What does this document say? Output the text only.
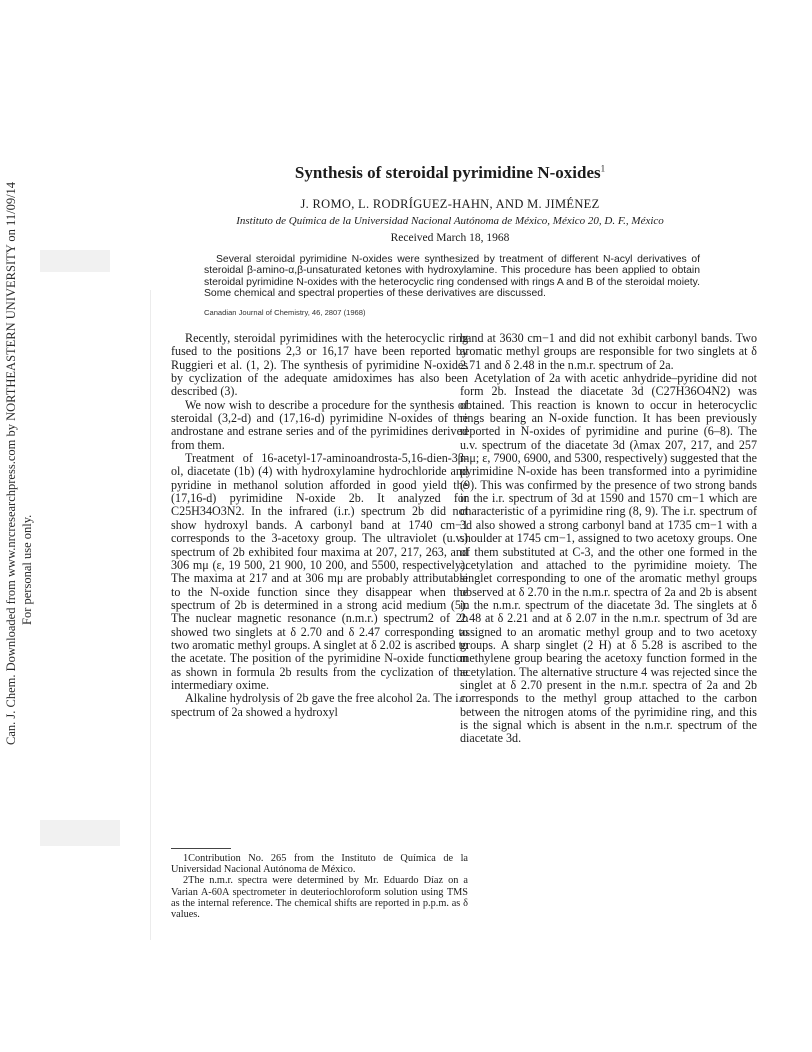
Can. J. Chem. Downloaded from www.nrcresearchpress.com by NORTHEASTERN UNIVERSITY on 11/09/14 For personal use only.
Synthesis of steroidal pyrimidine N-oxides$^1$
J. ROMO, L. RODRÍGUEZ-HAHN, AND M. JIMÉNEZ
Instituto de Química de la Universidad Nacional Autónoma de México, México 20, D. F., México
Received March 18, 1968
Several steroidal pyrimidine N-oxides were synthesized by treatment of different N-acyl derivatives of steroidal β-amino-α,β-unsaturated ketones with hydroxylamine. This procedure has been applied to obtain steroidal pyrimidine N-oxides with the heterocyclic ring condensed with rings A and B of the steroidal moiety. Some chemical and spectral properties of these derivatives are discussed.
Canadian Journal of Chemistry, 46, 2807 (1968)

Recently, steroidal pyrimidines with the heterocyclic ring fused to the positions 2,3 or 16,17 have been reported by Ruggieri et al. (1, 2). The synthesis of pyrimidine N-oxides by cyclization of the adequate amidoximes has also been described (3).

We now wish to describe a procedure for the synthesis of steroidal (3,2-d) and (17,16-d) pyrimidine N-oxides of the androstane and estrane series and of the pyrimidines derived from them.

Treatment of 16-acetyl-17-aminoandrosta-5,16-dien-3β-ol, diacetate (1b) (4) with hydroxylamine hydrochloride and pyridine in methanol solution afforded in good yield the (17,16-d) pyrimidine N-oxide 2b. It analyzed for C25H34O3N2. In the infrared (i.r.) spectrum 2b did not show hydroxyl bands. A carbonyl band at 1740 cm−1 corresponds to the 3-acetoxy group. The ultraviolet (u.v.) spectrum of 2b exhibited four maxima at 207, 217, 263, and 306 mμ (ε, 19 500, 21 900, 10 200, and 5500, respectively). The maxima at 217 and at 306 mμ are probably attributable to the N-oxide function since they disappear when the spectrum of 2b is determined in a strong acid medium (5). The nuclear magnetic resonance (n.m.r.) spectrum2 of 2b showed two singlets at δ 2.70 and δ 2.47 corresponding to two aromatic methyl groups. A singlet at δ 2.02 is ascribed to the acetate. The position of the pyrimidine N-oxide function as shown in formula 2b results from the cyclization of the intermediary oxime.

Alkaline hydrolysis of 2b gave the free alcohol 2a. The i.r. spectrum of 2a showed a hydroxyl

band at 3630 cm−1 and did not exhibit carbonyl bands. Two aromatic methyl groups are responsible for two singlets at δ 2.71 and δ 2.48 in the n.m.r. spectrum of 2a.

Acetylation of 2a with acetic anhydride–pyridine did not form 2b. Instead the diacetate 3d (C27H36O4N2) was obtained. This reaction is known to occur in heterocyclic rings bearing an N-oxide function. It has been previously reported in N-oxides of pyrimidine and purine (6–8). The u.v. spectrum of the diacetate 3d (λmax 207, 217, and 257 mμ; ε, 7900, 6900, and 5300, respectively) suggested that the pyrimidine N-oxide has been transformed into a pyrimidine (9). This was confirmed by the presence of two strong bands in the i.r. spectrum of 3d at 1590 and 1570 cm−1 which are characteristic of a pyrimidine ring (8, 9). The i.r. spectrum of 3d also showed a strong carbonyl band at 1735 cm−1 with a shoulder at 1745 cm−1, assigned to two acetoxy groups. One of them substituted at C-3, and the other one formed in the acetylation and attached to the pyrimidine moiety. The singlet corresponding to one of the aromatic methyl groups observed at δ 2.70 in the n.m.r. spectra of 2a and 2b is absent in the n.m.r. spectrum of the diacetate 3d. The singlets at δ 2.48 at δ 2.21 and at δ 2.07 in the n.m.r. spectrum of 3d are assigned to an aromatic methyl group and to two acetoxy groups. A sharp singlet (2 H) at δ 5.28 is ascribed to the methylene group bearing the acetoxy function formed in the acetylation. The alternative structure 4 was rejected since the singlet at δ 2.70 present in the n.m.r. spectra of 2a and 2b corresponds to the methyl group attached to the carbon between the nitrogen atoms of the pyrimidine ring, and this is the signal which is absent in the n.m.r. spectrum of the diacetate 3d.

1Contribution No. 265 from the Instituto de Química de la Universidad Nacional Autónoma de México.

2The n.m.r. spectra were determined by Mr. Eduardo Díaz on a Varian A-60A spectrometer in deuteriochloroform solution using TMS as the internal reference. The chemical shifts are reported in p.p.m. as δ values.
